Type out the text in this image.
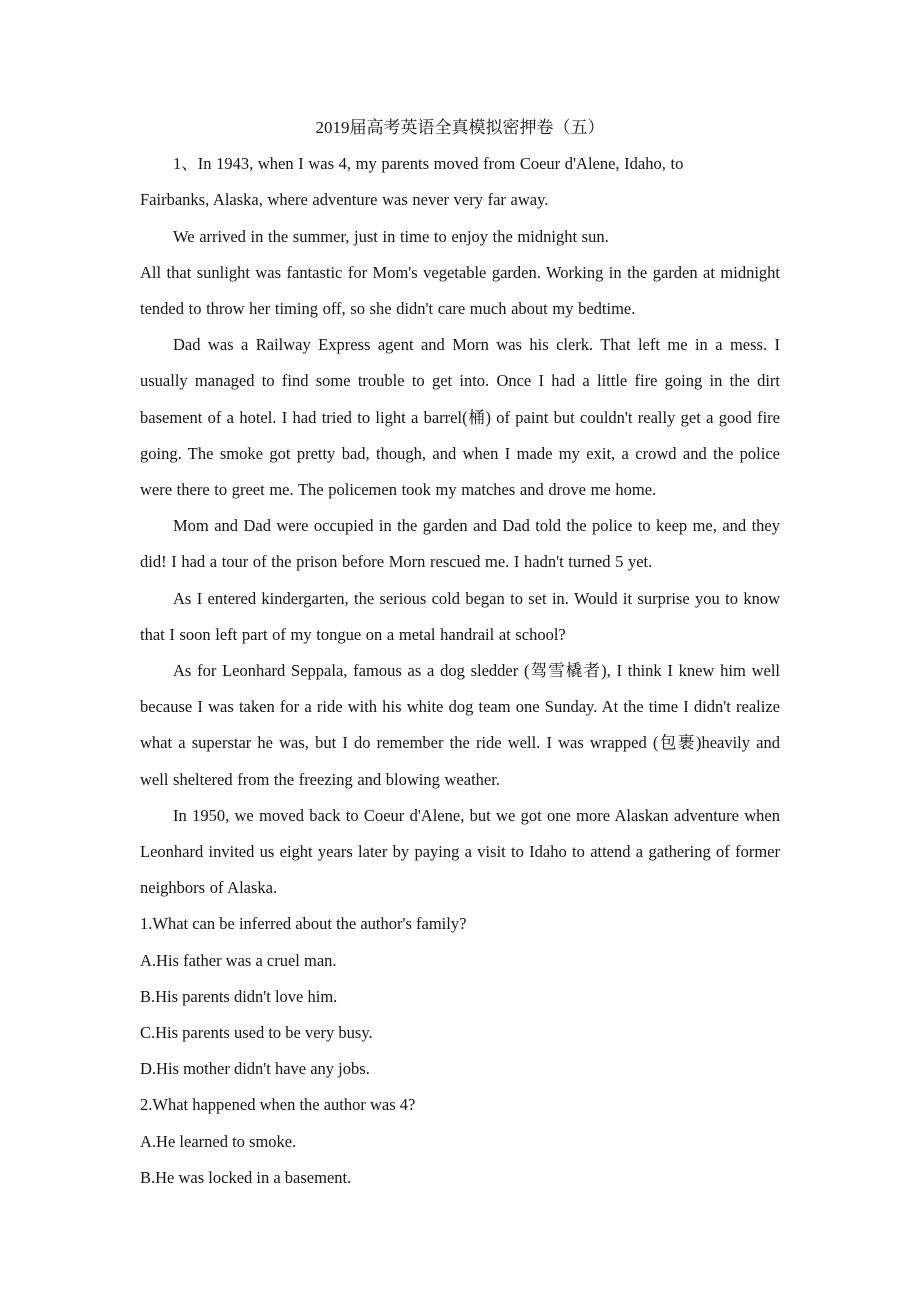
2019届高考英语全真模拟密押卷（五）

1、In 1943, when I was 4, my parents moved from Coeur d'Alene, Idaho, to

Fairbanks, Alaska, where adventure was never very far away.

We arrived in the summer, just in time to enjoy the midnight sun.

All that sunlight was fantastic for Mom's vegetable garden. Working in the garden at midnight tended to throw her timing off, so she didn't care much about my bedtime.

Dad was a Railway Express agent and Morn was his clerk. That left me in a mess. I usually managed to find some trouble to get into. Once I had a little fire going in the dirt basement of a hotel. I had tried to light a barrel(桶) of paint but couldn't really get a good fire going. The smoke got pretty bad, though, and when I made my exit, a crowd and the police were there to greet me. The policemen took my matches and drove me home.

Mom and Dad were occupied in the garden and Dad told the police to keep me, and they did! I had a tour of the prison before Morn rescued me. I hadn't turned 5 yet.

As I entered kindergarten, the serious cold began to set in. Would it surprise you to know that I soon left part of my tongue on a metal handrail at school?

As for Leonhard Seppala, famous as a dog sledder (驾雪橇者), I think I knew him well because I was taken for a ride with his white dog team one Sunday. At the time I didn't realize what a superstar he was, but I do remember the ride well. I was wrapped (包裹)heavily and well sheltered from the freezing and blowing weather.

In 1950, we moved back to Coeur d'Alene, but we got one more Alaskan adventure when Leonhard invited us eight years later by paying a visit to Idaho to attend a gathering of former neighbors of Alaska.

1.What can be inferred about the author's family?

A.His father was a cruel man.

B.His parents didn't love him.

C.His parents used to be very busy.

D.His mother didn't have any jobs.

2.What happened when the author was 4?

A.He learned to smoke.

B.He was locked in a basement.
